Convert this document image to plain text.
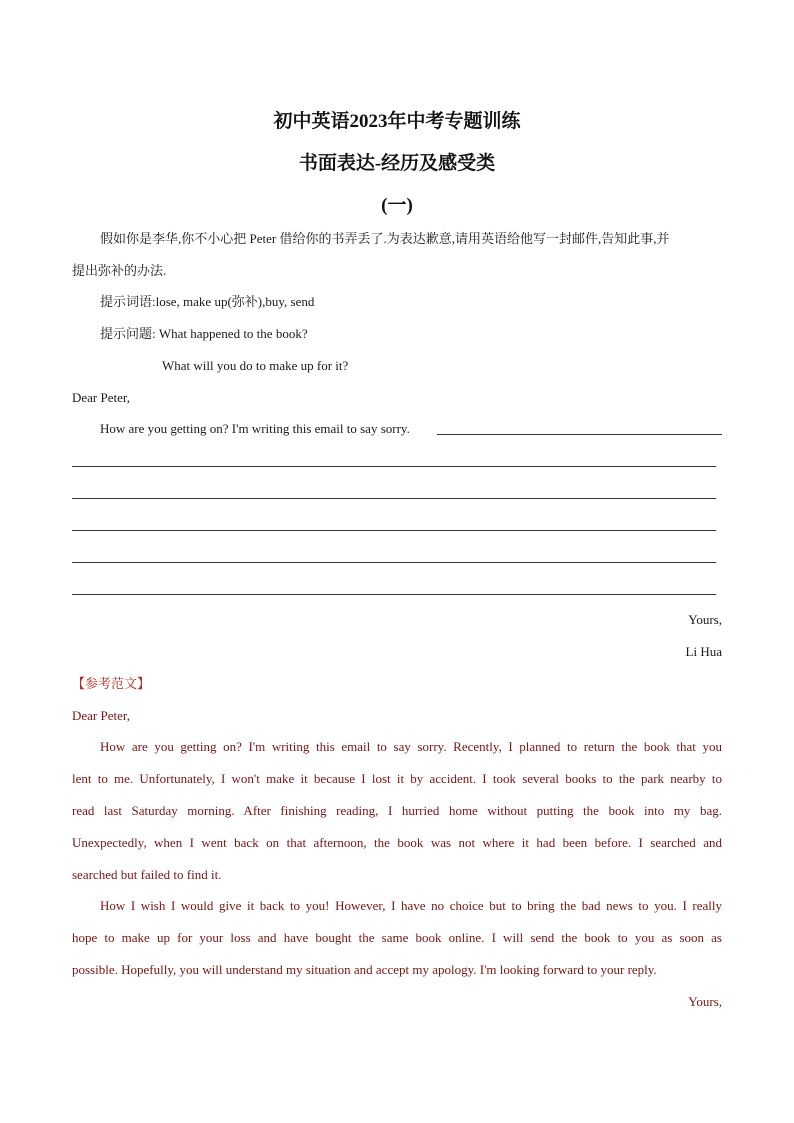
初中英语2023年中考专题训练
书面表达-经历及感受类
(一)
假如你是李华,你不小心把 Peter 借给你的书弄丢了.为表达歉意,请用英语给他写一封邮件,告知此事,并
提出弥补的办法.
提示词语:lose, make up(弥补),buy, send
提示问题: What happened to the book?
What will you do to make up for it?
Dear Peter,
How are you getting on? I'm writing this email to say sorry.
Yours,
Li Hua
【参考范文】
Dear Peter,
How are you getting on? I'm writing this email to say sorry. Recently, I planned to return the book that you
lent to me. Unfortunately, I won't make it because I lost it by accident. I took several books to the park nearby to
read last Saturday morning. After finishing reading, I hurried home without putting the book into my bag.
Unexpectedly, when I went back on that afternoon, the book was not where it had been before. I searched and
searched but failed to find it.
How I wish I would give it back to you! However, I have no choice but to bring the bad news to you. I really
hope to make up for your loss and have bought the same book online. I will send the book to you as soon as
possible. Hopefully, you will understand my situation and accept my apology. I'm looking forward to your reply.
Yours,
